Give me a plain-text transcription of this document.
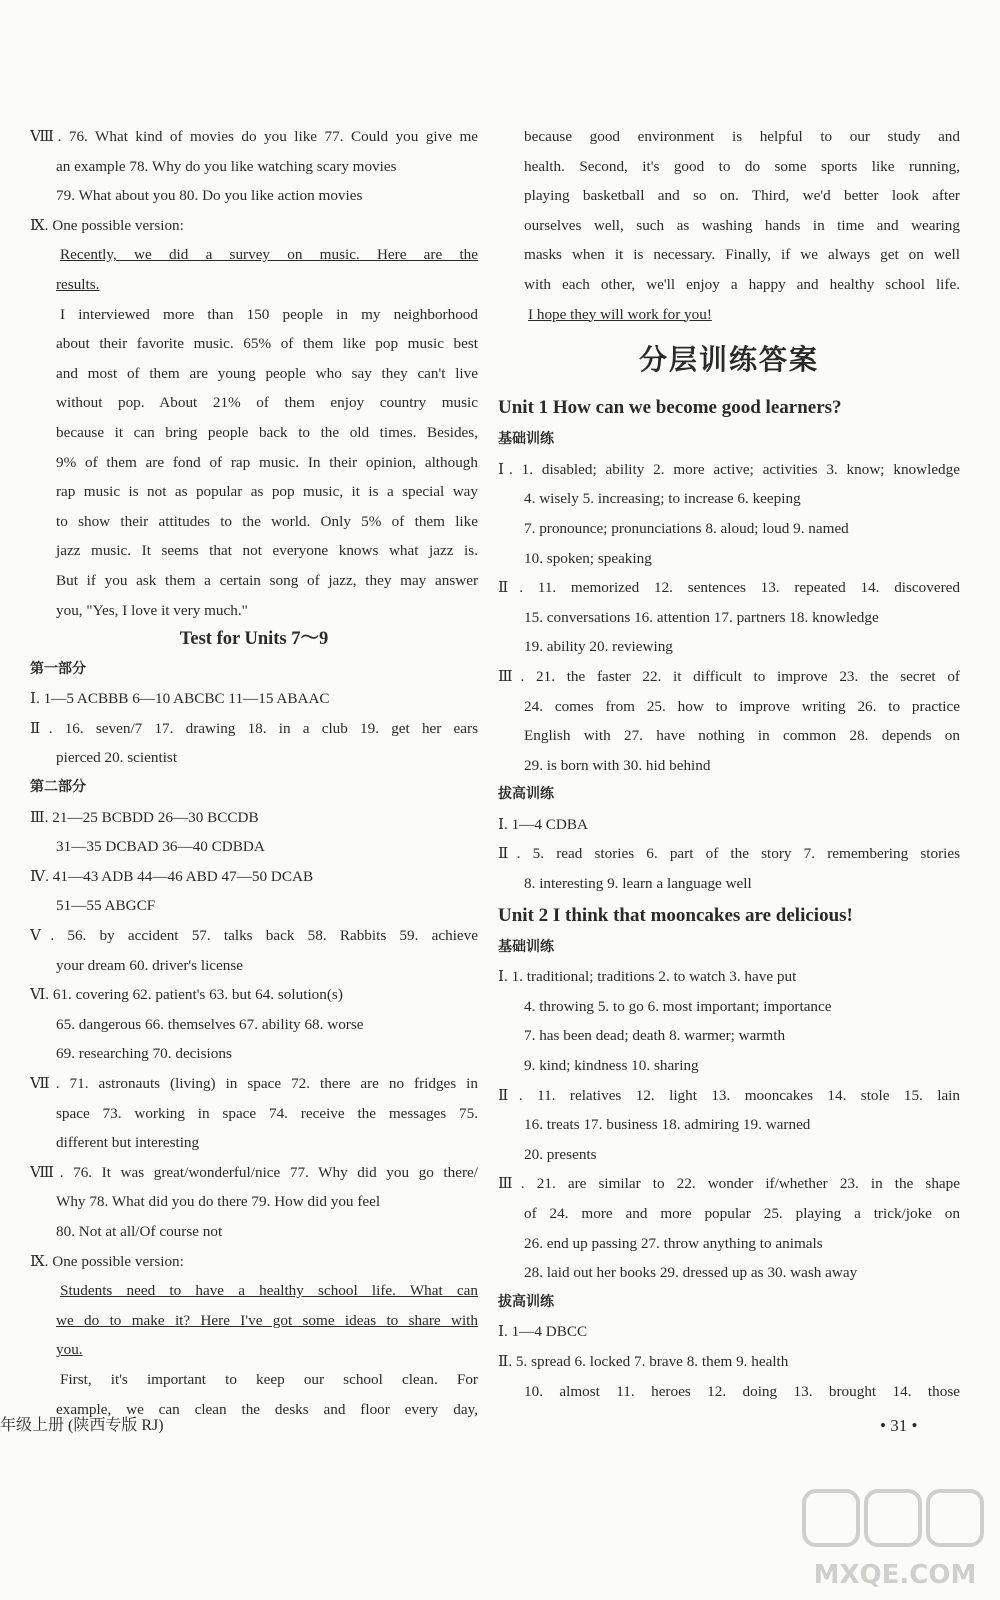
Ⅷ. 76. What kind of movies do you like 77. Could you give me
an example 78. Why do you like watching scary movies
79. What about you 80. Do you like action movies
Ⅸ. One possible version:
Recently, we did a survey on music. Here are the
results.
I interviewed more than 150 people in my neighborhood
about their favorite music. 65% of them like pop music best
and most of them are young people who say they can't live
without pop. About 21% of them enjoy country music
because it can bring people back to the old times. Besides,
9% of them are fond of rap music. In their opinion, although
rap music is not as popular as pop music, it is a special way
to show their attitudes to the world. Only 5% of them like
jazz music. It seems that not everyone knows what jazz is.
But if you ask them a certain song of jazz, they may answer
you, "Yes, I love it very much."
Test for Units 7～9
第一部分
Ⅰ. 1—5 ACBBB 6—10 ABCBC 11—15 ABAAC
Ⅱ. 16. seven/7 17. drawing 18. in a club 19. get her ears
pierced 20. scientist
第二部分
Ⅲ. 21—25 BCBDD 26—30 BCCDB
31—35 DCBAD 36—40 CDBDA
Ⅳ. 41—43 ADB 44—46 ABD 47—50 DCAB
51—55 ABGCF
Ⅴ. 56. by accident 57. talks back 58. Rabbits 59. achieve
your dream 60. driver's license
Ⅵ. 61. covering 62. patient's 63. but 64. solution(s)
65. dangerous 66. themselves 67. ability 68. worse
69. researching 70. decisions
Ⅶ. 71. astronauts (living) in space 72. there are no fridges in
space 73. working in space 74. receive the messages 75.
different but interesting
Ⅷ. 76. It was great/wonderful/nice 77. Why did you go there/
Why 78. What did you do there 79. How did you feel
80. Not at all/Of course not
Ⅸ. One possible version:
Students need to have a healthy school life. What can
we do to make it? Here I've got some ideas to share with
you.
First, it's important to keep our school clean. For
example, we can clean the desks and floor every day,
because good environment is helpful to our study and
health. Second, it's good to do some sports like running,
playing basketball and so on. Third, we'd better look after
ourselves well, such as washing hands in time and wearing
masks when it is necessary. Finally, if we always get on well
with each other, we'll enjoy a happy and healthy school life.
I hope they will work for you!
分层训练答案
Unit 1 How can we become good learners?
基础训练
Ⅰ. 1. disabled; ability 2. more active; activities 3. know; knowledge
4. wisely 5. increasing; to increase 6. keeping
7. pronounce; pronunciations 8. aloud; loud 9. named
10. spoken; speaking
Ⅱ. 11. memorized 12. sentences 13. repeated 14. discovered
15. conversations 16. attention 17. partners 18. knowledge
19. ability 20. reviewing
Ⅲ. 21. the faster 22. it difficult to improve 23. the secret of
24. comes from 25. how to improve writing 26. to practice
English with 27. have nothing in common 28. depends on
29. is born with 30. hid behind
拔高训练
Ⅰ. 1—4 CDBA
Ⅱ. 5. read stories 6. part of the story 7. remembering stories
8. interesting 9. learn a language well
Unit 2 I think that mooncakes are delicious!
基础训练
Ⅰ. 1. traditional; traditions 2. to watch 3. have put
4. throwing 5. to go 6. most important; importance
7. has been dead; death 8. warmer; warmth
9. kind; kindness 10. sharing
Ⅱ. 11. relatives 12. light 13. mooncakes 14. stole 15. lain
16. treats 17. business 18. admiring 19. warned
20. presents
Ⅲ. 21. are similar to 22. wonder if/whether 23. in the shape
of 24. more and more popular 25. playing a trick/joke on
26. end up passing 27. throw anything to animals
28. laid out her books 29. dressed up as 30. wash away
拔高训练
Ⅰ. 1—4 DBCC
Ⅱ. 5. spread 6. locked 7. brave 8. them 9. health
10. almost 11. heroes 12. doing 13. brought 14. those
年级上册 (陕西专版 RJ)	• 31 •
MXQE.COM
